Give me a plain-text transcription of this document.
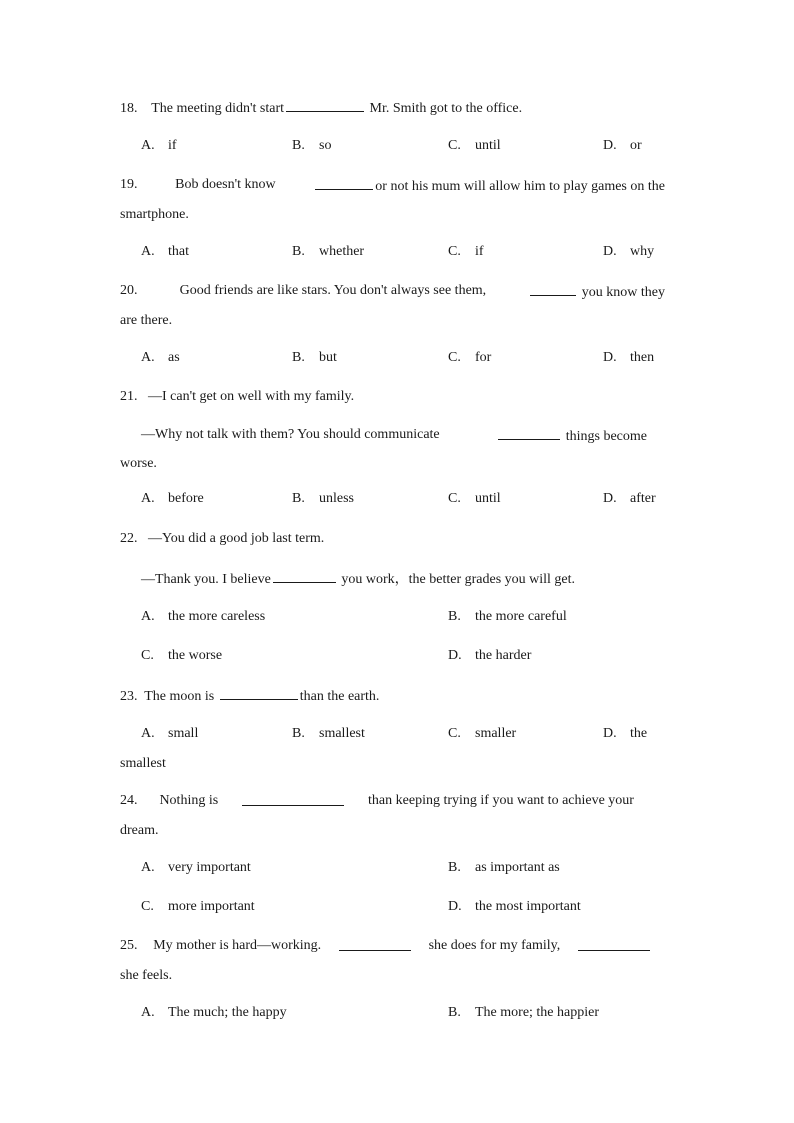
18. The meeting didn't start	Mr. Smith got to the office.
A. if	B. so	C. until	D. or
19.	Bob doesn't know	or not his mum will allow him to play games on the
smartphone.
A. that	B. whether	C. if	D. why
20.	Good friends are like stars. You don't always see them,	you know they
are there.
A. as	B. but	C. for	D. then
21. —I can't get on well with my family.
—Why not talk with them? You should communicate	things become
worse.
A. before	B. unless	C. until	D. after
22. —You did a good job last term.
—Thank you. I believe	you work，the better grades you will get.
A. the more careless	B. the more careful
C. the worse	D. the harder
23. The moon is	than the earth.
A. small	B. smallest	C. smaller	D. the
smallest
24. Nothing is	than keeping trying if you want to achieve your
dream.
A. very important	B. as important as
C. more important	D. the most important
25. My mother is hard—working.	she does for my family,
she feels.
A. The much; the happy	B. The more; the happier
